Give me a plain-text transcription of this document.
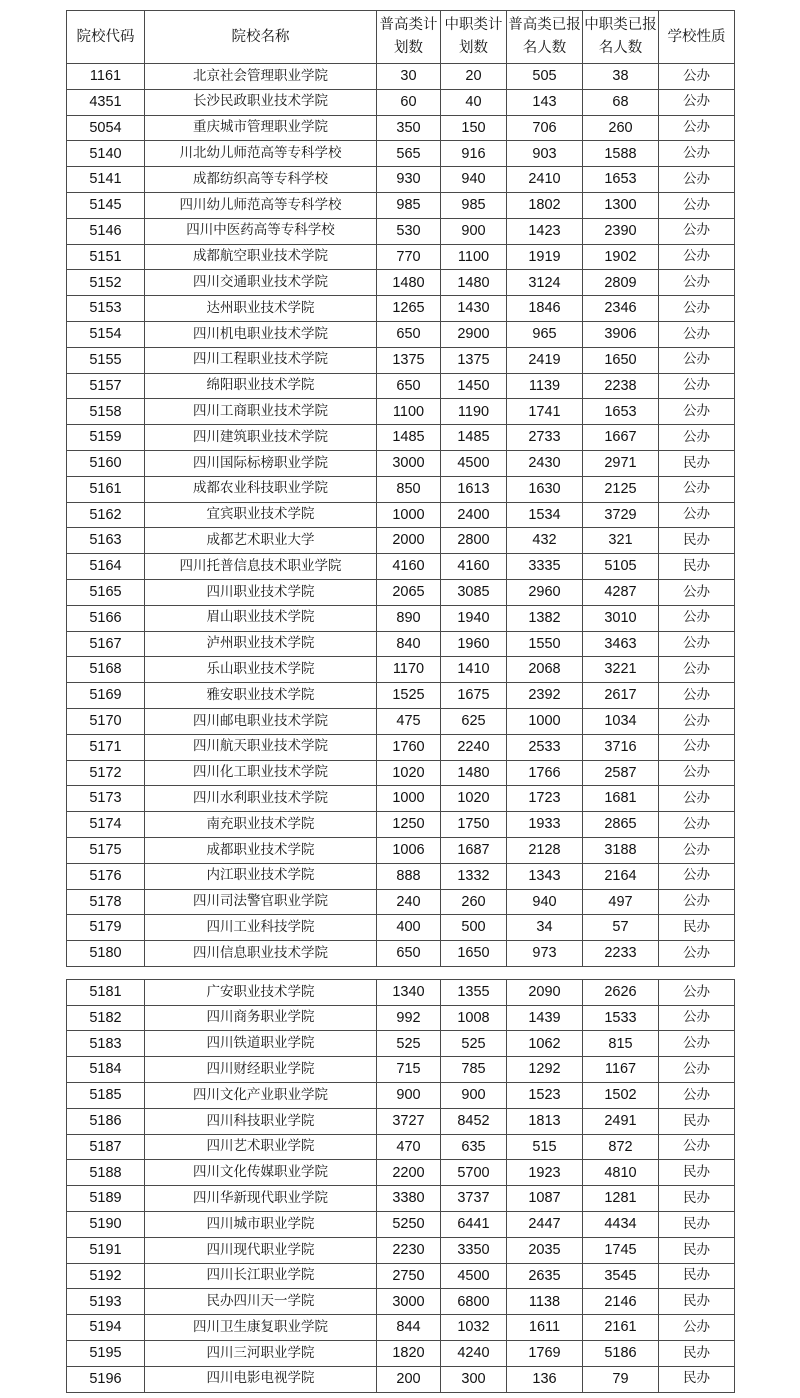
院校代码	院校名称	普高类计划数	中职类计划数	普高类已报名人数	中职类已报名人数	学校性质
1161	北京社会管理职业学院	30	20	505	38	公办
4351	长沙民政职业技术学院	60	40	143	68	公办
5054	重庆城市管理职业学院	350	150	706	260	公办
5140	川北幼儿师范高等专科学校	565	916	903	1588	公办
5141	成都纺织高等专科学校	930	940	2410	1653	公办
5145	四川幼儿师范高等专科学校	985	985	1802	1300	公办
5146	四川中医药高等专科学校	530	900	1423	2390	公办
5151	成都航空职业技术学院	770	1100	1919	1902	公办
5152	四川交通职业技术学院	1480	1480	3124	2809	公办
5153	达州职业技术学院	1265	1430	1846	2346	公办
5154	四川机电职业技术学院	650	2900	965	3906	公办
5155	四川工程职业技术学院	1375	1375	2419	1650	公办
5157	绵阳职业技术学院	650	1450	1139	2238	公办
5158	四川工商职业技术学院	1100	1190	1741	1653	公办
5159	四川建筑职业技术学院	1485	1485	2733	1667	公办
5160	四川国际标榜职业学院	3000	4500	2430	2971	民办
5161	成都农业科技职业学院	850	1613	1630	2125	公办
5162	宜宾职业技术学院	1000	2400	1534	3729	公办
5163	成都艺术职业大学	2000	2800	432	321	民办
5164	四川托普信息技术职业学院	4160	4160	3335	5105	民办
5165	四川职业技术学院	2065	3085	2960	4287	公办
5166	眉山职业技术学院	890	1940	1382	3010	公办
5167	泸州职业技术学院	840	1960	1550	3463	公办
5168	乐山职业技术学院	1170	1410	2068	3221	公办
5169	雅安职业技术学院	1525	1675	2392	2617	公办
5170	四川邮电职业技术学院	475	625	1000	1034	公办
5171	四川航天职业技术学院	1760	2240	2533	3716	公办
5172	四川化工职业技术学院	1020	1480	1766	2587	公办
5173	四川水利职业技术学院	1000	1020	1723	1681	公办
5174	南充职业技术学院	1250	1750	1933	2865	公办
5175	成都职业技术学院	1006	1687	2128	3188	公办
5176	内江职业技术学院	888	1332	1343	2164	公办
5178	四川司法警官职业学院	240	260	940	497	公办
5179	四川工业科技学院	400	500	34	57	民办
5180	四川信息职业技术学院	650	1650	973	2233	公办
5181	广安职业技术学院	1340	1355	2090	2626	公办
5182	四川商务职业学院	992	1008	1439	1533	公办
5183	四川铁道职业学院	525	525	1062	815	公办
5184	四川财经职业学院	715	785	1292	1167	公办
5185	四川文化产业职业学院	900	900	1523	1502	公办
5186	四川科技职业学院	3727	8452	1813	2491	民办
5187	四川艺术职业学院	470	635	515	872	公办
5188	四川文化传媒职业学院	2200	5700	1923	4810	民办
5189	四川华新现代职业学院	3380	3737	1087	1281	民办
5190	四川城市职业学院	5250	6441	2447	4434	民办
5191	四川现代职业学院	2230	3350	2035	1745	民办
5192	四川长江职业学院	2750	4500	2635	3545	民办
5193	民办四川天一学院	3000	6800	1138	2146	民办
5194	四川卫生康复职业学院	844	1032	1611	2161	公办
5195	四川三河职业学院	1820	4240	1769	5186	民办
5196	四川电影电视学院	200	300	136	79	民办
